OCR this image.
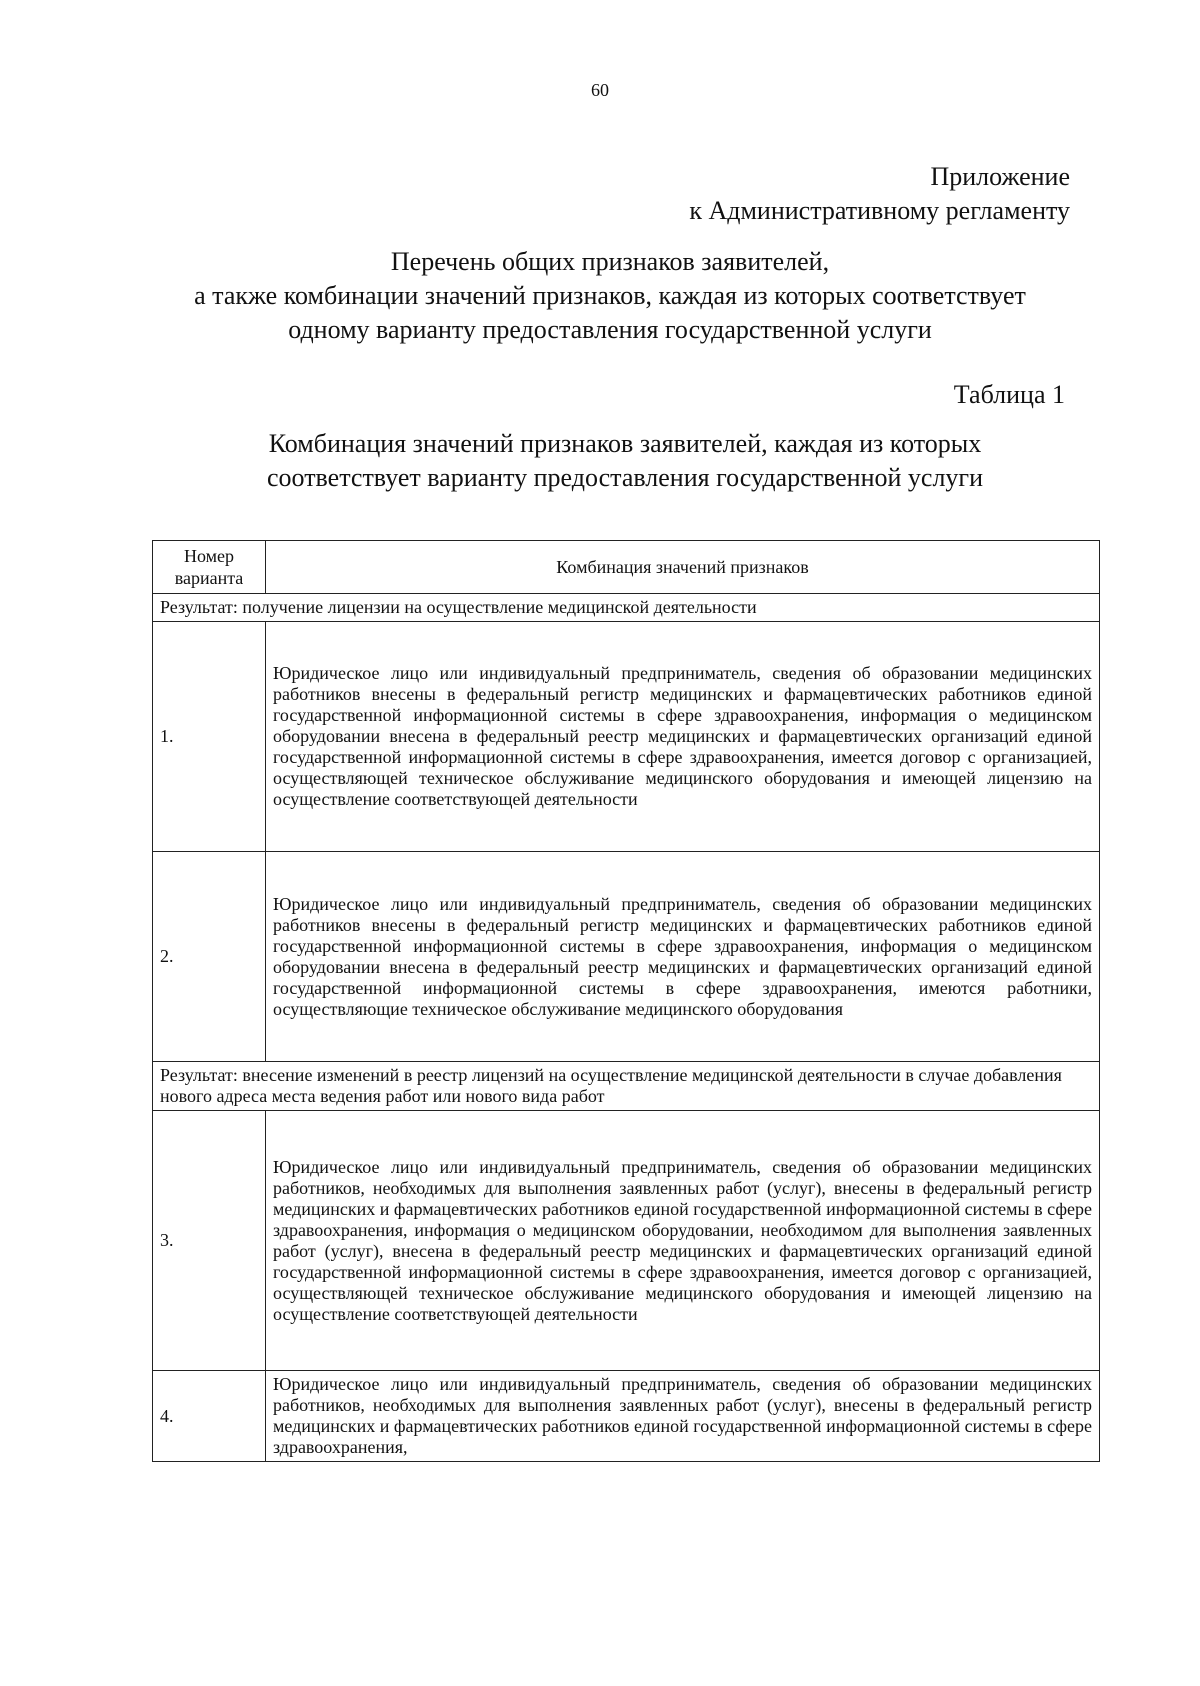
60
Приложение
к Административному регламенту
Перечень общих признаков заявителей,
а также комбинации значений признаков, каждая из которых соответствует
одному варианту предоставления государственной услуги
Таблица 1
Комбинация значений признаков заявителей, каждая из которых
соответствует варианту предоставления государственной услуги
Номер
варианта	Комбинация значений признаков
Результат: получение лицензии на осуществление медицинской деятельности	
1.	Юридическое лицо или индивидуальный предприниматель, сведения об образовании медицинских работников внесены в федеральный регистр медицинских и фармацевтических работников единой государственной информационной системы в сфере здравоохранения, информация о медицинском оборудовании внесена в федеральный реестр медицинских и фармацевтических организаций единой государственной информационной системы в сфере здравоохранения, имеется договор с организацией, осуществляющей техническое обслуживание медицинского оборудования и имеющей лицензию на осуществление соответствующей деятельности
2.	Юридическое лицо или индивидуальный предприниматель, сведения об образовании медицинских работников внесены в федеральный регистр медицинских и фармацевтических работников единой государственной информационной системы в сфере здравоохранения, информация о медицинском оборудовании внесена в федеральный реестр медицинских и фармацевтических организаций единой государственной информационной системы в сфере здравоохранения, имеются работники, осуществляющие техническое обслуживание медицинского оборудования
Результат: внесение изменений в реестр лицензий на осуществление медицинской деятельности в случае добавления нового адреса места ведения работ или нового вида работ	
3.	Юридическое лицо или индивидуальный предприниматель, сведения об образовании медицинских работников, необходимых для выполнения заявленных работ (услуг), внесены в федеральный регистр медицинских и фармацевтических работников единой государственной информационной системы в сфере здравоохранения, информация о медицинском оборудовании, необходимом для выполнения заявленных работ (услуг), внесена в федеральный реестр медицинских и фармацевтических организаций единой государственной информационной системы в сфере здравоохранения, имеется договор с организацией, осуществляющей техническое обслуживание медицинского оборудования и имеющей лицензию на осуществление соответствующей деятельности
4.	Юридическое лицо или индивидуальный предприниматель, сведения об образовании медицинских работников, необходимых для выполнения заявленных работ (услуг), внесены в федеральный регистр медицинских и фармацевтических работников единой государственной информационной системы в сфере здравоохранения,
